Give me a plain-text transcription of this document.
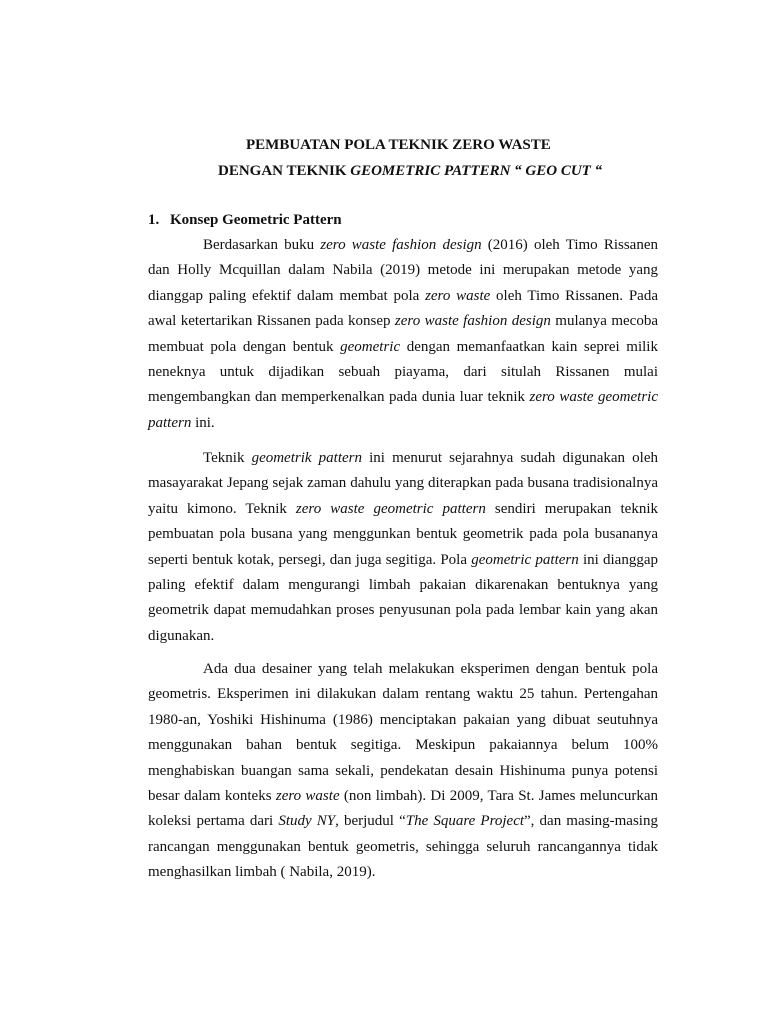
PEMBUATAN POLA TEKNIK ZERO WASTE
DENGAN TEKNIK GEOMETRIC PATTERN “ GEO CUT “
1. Konsep Geometric Pattern

Berdasarkan buku zero waste fashion design (2016) oleh Timo Rissanen dan Holly Mcquillan dalam Nabila (2019) metode ini merupakan metode yang dianggap paling efektif dalam membat pola zero waste oleh Timo Rissanen. Pada awal ketertarikan Rissanen pada konsep zero waste fashion design mulanya mecoba membuat pola dengan bentuk geometric dengan memanfaatkan kain seprei milik neneknya untuk dijadikan sebuah piayama, dari situlah Rissanen mulai mengembangkan dan memperkenalkan pada dunia luar teknik zero waste geometric pattern ini.

Teknik geometrik pattern ini menurut sejarahnya sudah digunakan oleh masayarakat Jepang sejak zaman dahulu yang diterapkan pada busana tradisionalnya yaitu kimono. Teknik zero waste geometric pattern sendiri merupakan teknik pembuatan pola busana yang menggunkan bentuk geometrik pada pola busananya seperti bentuk kotak, persegi, dan juga segitiga. Pola geometric pattern ini dianggap paling efektif dalam mengurangi limbah pakaian dikarenakan bentuknya yang geometrik dapat memudahkan proses penyusunan pola pada lembar kain yang akan digunakan.

Ada dua desainer yang telah melakukan eksperimen dengan bentuk pola geometris. Eksperimen ini dilakukan dalam rentang waktu 25 tahun. Pertengahan 1980-an, Yoshiki Hishinuma (1986) menciptakan pakaian yang dibuat seutuhnya menggunakan bahan bentuk segitiga. Meskipun pakaiannya belum 100% menghabiskan buangan sama sekali, pendekatan desain Hishinuma punya potensi besar dalam konteks zero waste (non limbah). Di 2009, Tara St. James meluncurkan koleksi pertama dari Study NY, berjudul “The Square Project”, dan masing-masing rancangan menggunakan bentuk geometris, sehingga seluruh rancangannya tidak menghasilkan limbah ( Nabila, 2019).
